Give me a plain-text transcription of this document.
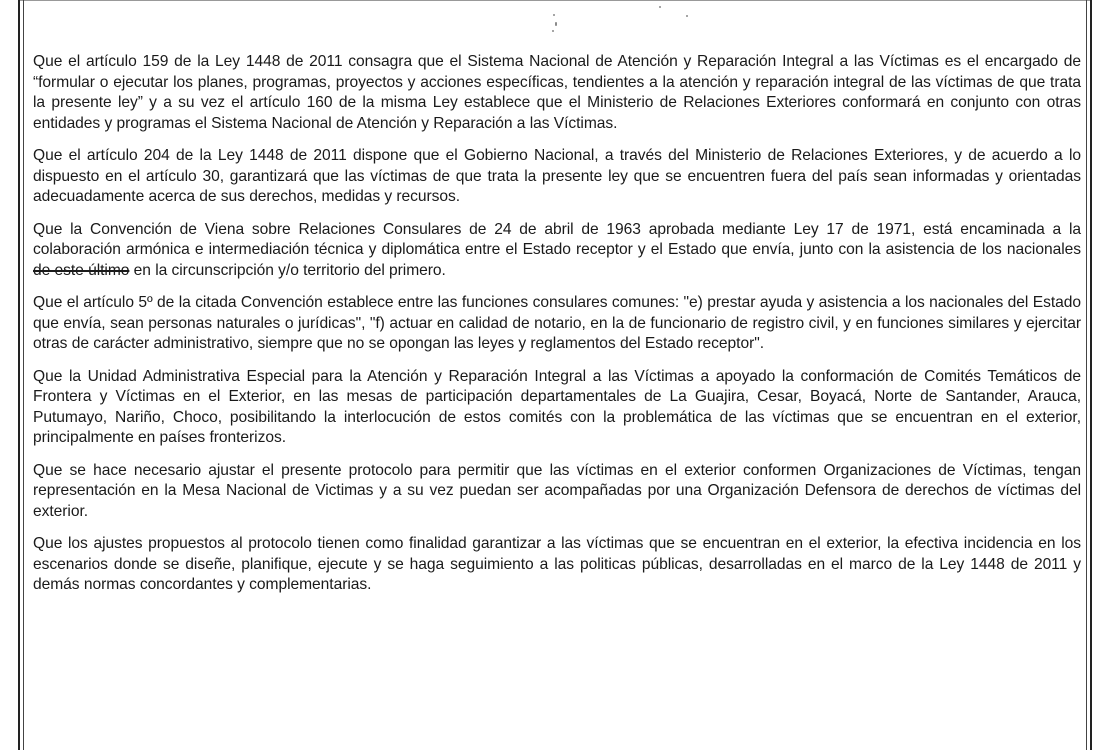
Que el artículo 159 de la Ley 1448 de 2011 consagra que el Sistema Nacional de Atención y Reparación Integral a las Víctimas es el encargado de “formular o ejecutar los planes, programas, proyectos y acciones específicas, tendientes a la atención y reparación integral de las víctimas de que trata la presente ley” y a su vez el artículo 160 de la misma Ley establece que el Ministerio de Relaciones Exteriores conformará en conjunto con otras entidades y programas el Sistema Nacional de Atención y Reparación a las Víctimas.

Que el artículo 204 de la Ley 1448 de 2011 dispone que el Gobierno Nacional, a través del Ministerio de Relaciones Exteriores, y de acuerdo a lo dispuesto en el artículo 30, garantizará que las víctimas de que trata la presente ley que se encuentren fuera del país sean informadas y orientadas adecuadamente acerca de sus derechos, medidas y recursos.

Que la Convención de Viena sobre Relaciones Consulares de 24 de abril de 1963 aprobada mediante Ley 17 de 1971, está encaminada a la colaboración armónica e intermediación técnica y diplomática entre el Estado receptor y el Estado que envía, junto con la asistencia de los nacionales de este último en la circunscripción y/o territorio del primero.

Que el artículo 5º de la citada Convención establece entre las funciones consulares comunes: "e) prestar ayuda y asistencia a los nacionales del Estado que envía, sean personas naturales o jurídicas", "f) actuar en calidad de notario, en la de funcionario de registro civil, y en funciones similares y ejercitar otras de carácter administrativo, siempre que no se opongan las leyes y reglamentos del Estado receptor".

Que la Unidad Administrativa Especial para la Atención y Reparación Integral a las Víctimas a apoyado la conformación de Comités Temáticos de Frontera y Víctimas en el Exterior, en las mesas de participación departamentales de La Guajira, Cesar, Boyacá, Norte de Santander, Arauca, Putumayo, Nariño, Choco, posibilitando la interlocución de estos comités con la problemática de las víctimas que se encuentran en el exterior, principalmente en países fronterizos.

Que se hace necesario ajustar el presente protocolo para permitir que las víctimas en el exterior conformen Organizaciones de Víctimas, tengan representación en la Mesa Nacional de Victimas y a su vez puedan ser acompañadas por una Organización Defensora de derechos de víctimas del exterior.

Que los ajustes propuestos al protocolo tienen como finalidad garantizar a las víctimas que se encuentran en el exterior, la efectiva incidencia en los escenarios donde se diseñe, planifique, ejecute y se haga seguimiento a las politicas públicas, desarrolladas en el marco de la Ley 1448 de 2011 y demás normas concordantes y complementarias.
